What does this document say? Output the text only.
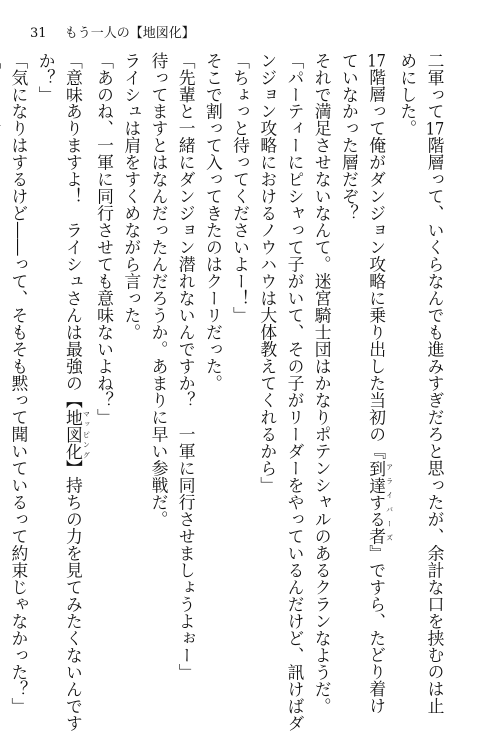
31 もう一人の【地図化】
二軍って17階層って、いくらなんでも進みすぎだろと思ったが、余計な口を挟むのは止
めにした。
17階層って俺がダンジョン攻略に乗り出した当初の『到達する者 アライバーズ』ですら、たどり着け
ていなかった層だぞ？
それで満足させないなんて。迷宮騎士団はかなりポテンシャルのあるクランなようだ。
「パーティーにピシャって子がいて、その子がリーダーをやっているんだけど、訊けばダ
ンジョン攻略におけるノウハウは大体教えてくれるから」
「ちょっと待ってくださいよー！」
そこで割って入ってきたのはクーリだった。
「先輩と一緒にダンジョン潜れないんですか？　一軍に同行させましょうよぉー」
待ってますとはなんだったんだろうか。あまりに早い参戦だ。
ライシュは肩をすくめながら言った。
「あのね、一軍に同行させても意味ないよね？」
「意味ありますよ！　ライシュさんは最強の【地図化 マッピング】持ちの力を見てみたくないんです
か？」
「気になりはするけど――って、そもそも黙って聞いているって約束じゃなかった？」
